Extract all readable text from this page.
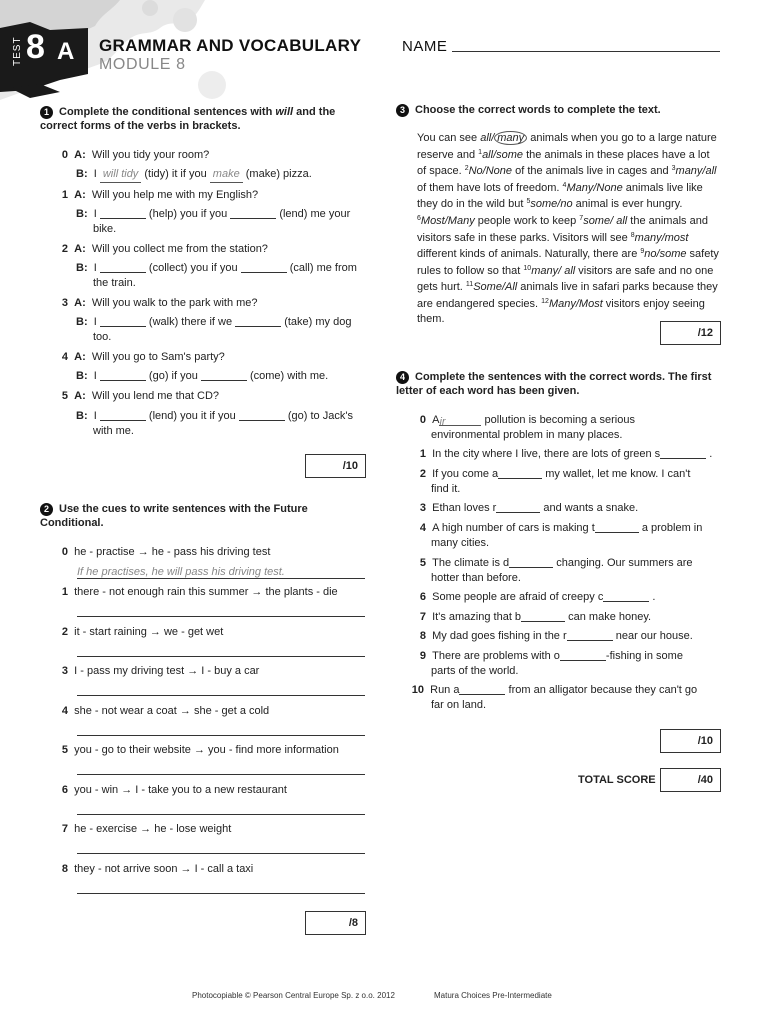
TEST 8 A GRAMMAR AND VOCABULARY
MODULE 8
NAME
1 Complete the conditional sentences with will and the correct forms of the verbs in brackets.
0 A: Will you tidy your room?
B: I will tidy (tidy) it if you make (make) pizza.
1 A: Will you help me with my English?
B: I	(help) you if you	(lend) me your
bike.
2 A: Will you collect me from the station?
B: I	(collect) you if you	(call) me from
the train.
3 A: Will you walk to the park with me?
B: I	(walk) there if we	(take) my dog
too.
4 A: Will you go to Sam's party?
B: I	(go) if you	(come) with me.
5 A: Will you lend me that CD?
B: I	(lend) you it if you	(go) to Jack's
with me.
/10
2 Use the cues to write sentences with the Future Conditional.
0 he - practise → he - pass his driving test
If he practises, he will pass his driving test.
1 there - not enough rain this summer → the plants - die
2 it - start raining → we - get wet
3 I - pass my driving test → I - buy a car
4 she - not wear a coat → she - get a cold
5 you - go to their website → you - find more information
6 you - win → I - take you to a new restaurant
7 he - exercise → he - lose weight
8 they - not arrive soon → I - call a taxi
/8
3 Choose the correct words to complete the text.
You can see all/ many animals when you go to a large nature reserve and $^1$all/some the animals in these places have a lot of space. $^2$No/None of the animals live in cages and $^3$many/all of them have lots of freedom. $^4$Many/None animals live like they do in the wild but $^5$some/no animal is ever hungry. $^6$Most/Many people work to keep $^7$some/ all the animals and visitors safe in these parks. Visitors will see $^8$many/most different kinds of animals. Naturally, there are $^9$no/some safety rules to follow so that $^{10}$many/ all visitors are safe and no one gets hurt. $^{11}$Some/All animals live in safari parks because they are endangered species. $^{12}$Many/Most visitors enjoy seeing them.
/12
4 Complete the sentences with the correct words. The first letter of each word has been given.
0 Air	pollution is becoming a serious
environmental problem in many places.
1 In the city where I live, there are lots of green s	.
2 If you come a	my wallet, let me know. I can't
find it.
3 Ethan loves r	and wants a snake.
4 A high number of cars is making t	a problem in
many cities.
5 The climate is d	changing. Our summers are
hotter than before.
6 Some people are afraid of creepy c	.
7 It's amazing that b	can make honey.
8 My dad goes fishing in the r	near our house.
9 There are problems with o	-fishing in some
parts of the world.
10 Run a	from an alligator because they can't go
far on land.
/10
TOTAL SCORE	/40
Photocopiable © Pearson Central Europe Sp. z o.o. 2012	Matura Choices Pre-Intermediate
